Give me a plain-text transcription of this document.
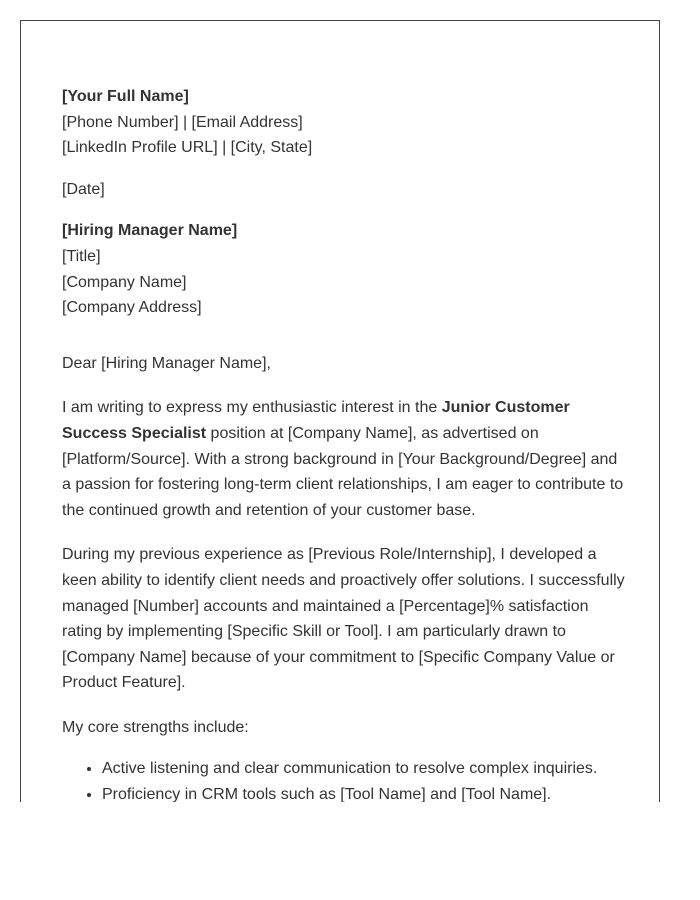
[Your Full Name]
[Phone Number] | [Email Address]
[LinkedIn Profile URL] | [City, State]
[Date]
[Hiring Manager Name]
[Title]
[Company Name]
[Company Address]

Dear [Hiring Manager Name],

I am writing to express my enthusiastic interest in the Junior Customer Success Specialist position at [Company Name], as advertised on [Platform/Source]. With a strong background in [Your Background/Degree] and a passion for fostering long-term client relationships, I am eager to contribute to the continued growth and retention of your customer base.

During my previous experience as [Previous Role/Internship], I developed a keen ability to identify client needs and proactively offer solutions. I successfully managed [Number] accounts and maintained a [Percentage]% satisfaction rating by implementing [Specific Skill or Tool]. I am particularly drawn to [Company Name] because of your commitment to [Specific Company Value or Product Feature].

My core strengths include:

• Active listening and clear communication to resolve complex inquiries.
• Proficiency in CRM tools such as [Tool Name] and [Tool Name].
